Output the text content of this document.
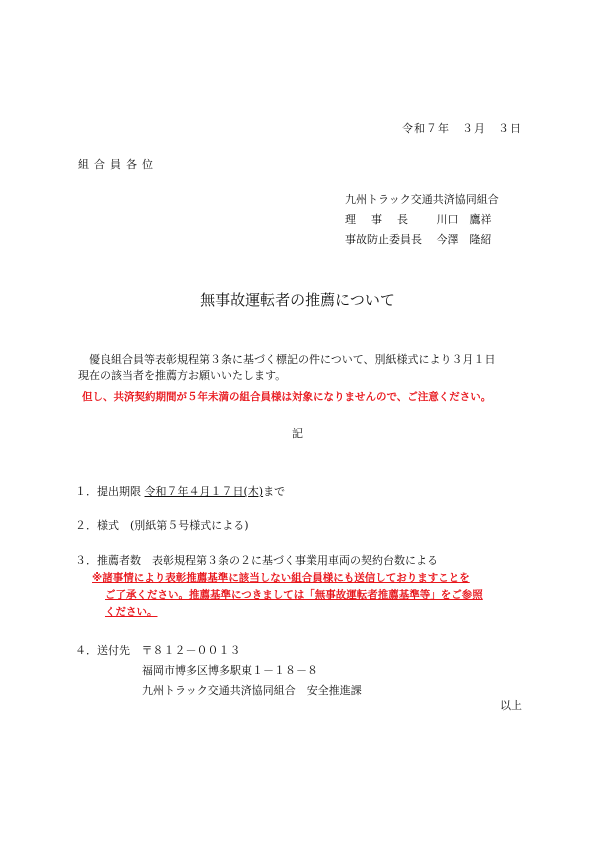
令和７年　３月　３日
組合員各位
九州トラック交通共済協同組合
理事長 川口　鷹祥
事故防止委員長 今澤　隆紹
無事故運転者の推薦について
優良組合員等表彰規程第３条に基づく標記の件について、別紙様式により３月１日
現在の該当者を推薦方お願いいたします。
但し、共済契約期間が５年未満の組合員様は対象になりませんので、ご注意ください。
記
１．提出期限 令和７年４月１７日(木)まで
２．様式　(別紙第５号様式による)
３．推薦者数　表彰規程第３条の２に基づく事業用車両の契約台数による
※諸事情により表彰推薦基準に該当しない組合員様にも送信しておりますことを
ご了承ください。推薦基準につきましては「無事故運転者推薦基準等」をご参照
ください。
４．送付先 〒８１２－００１３
福岡市博多区博多駅東１－１８－８
九州トラック交通共済協同組合　安全推進課
以上
